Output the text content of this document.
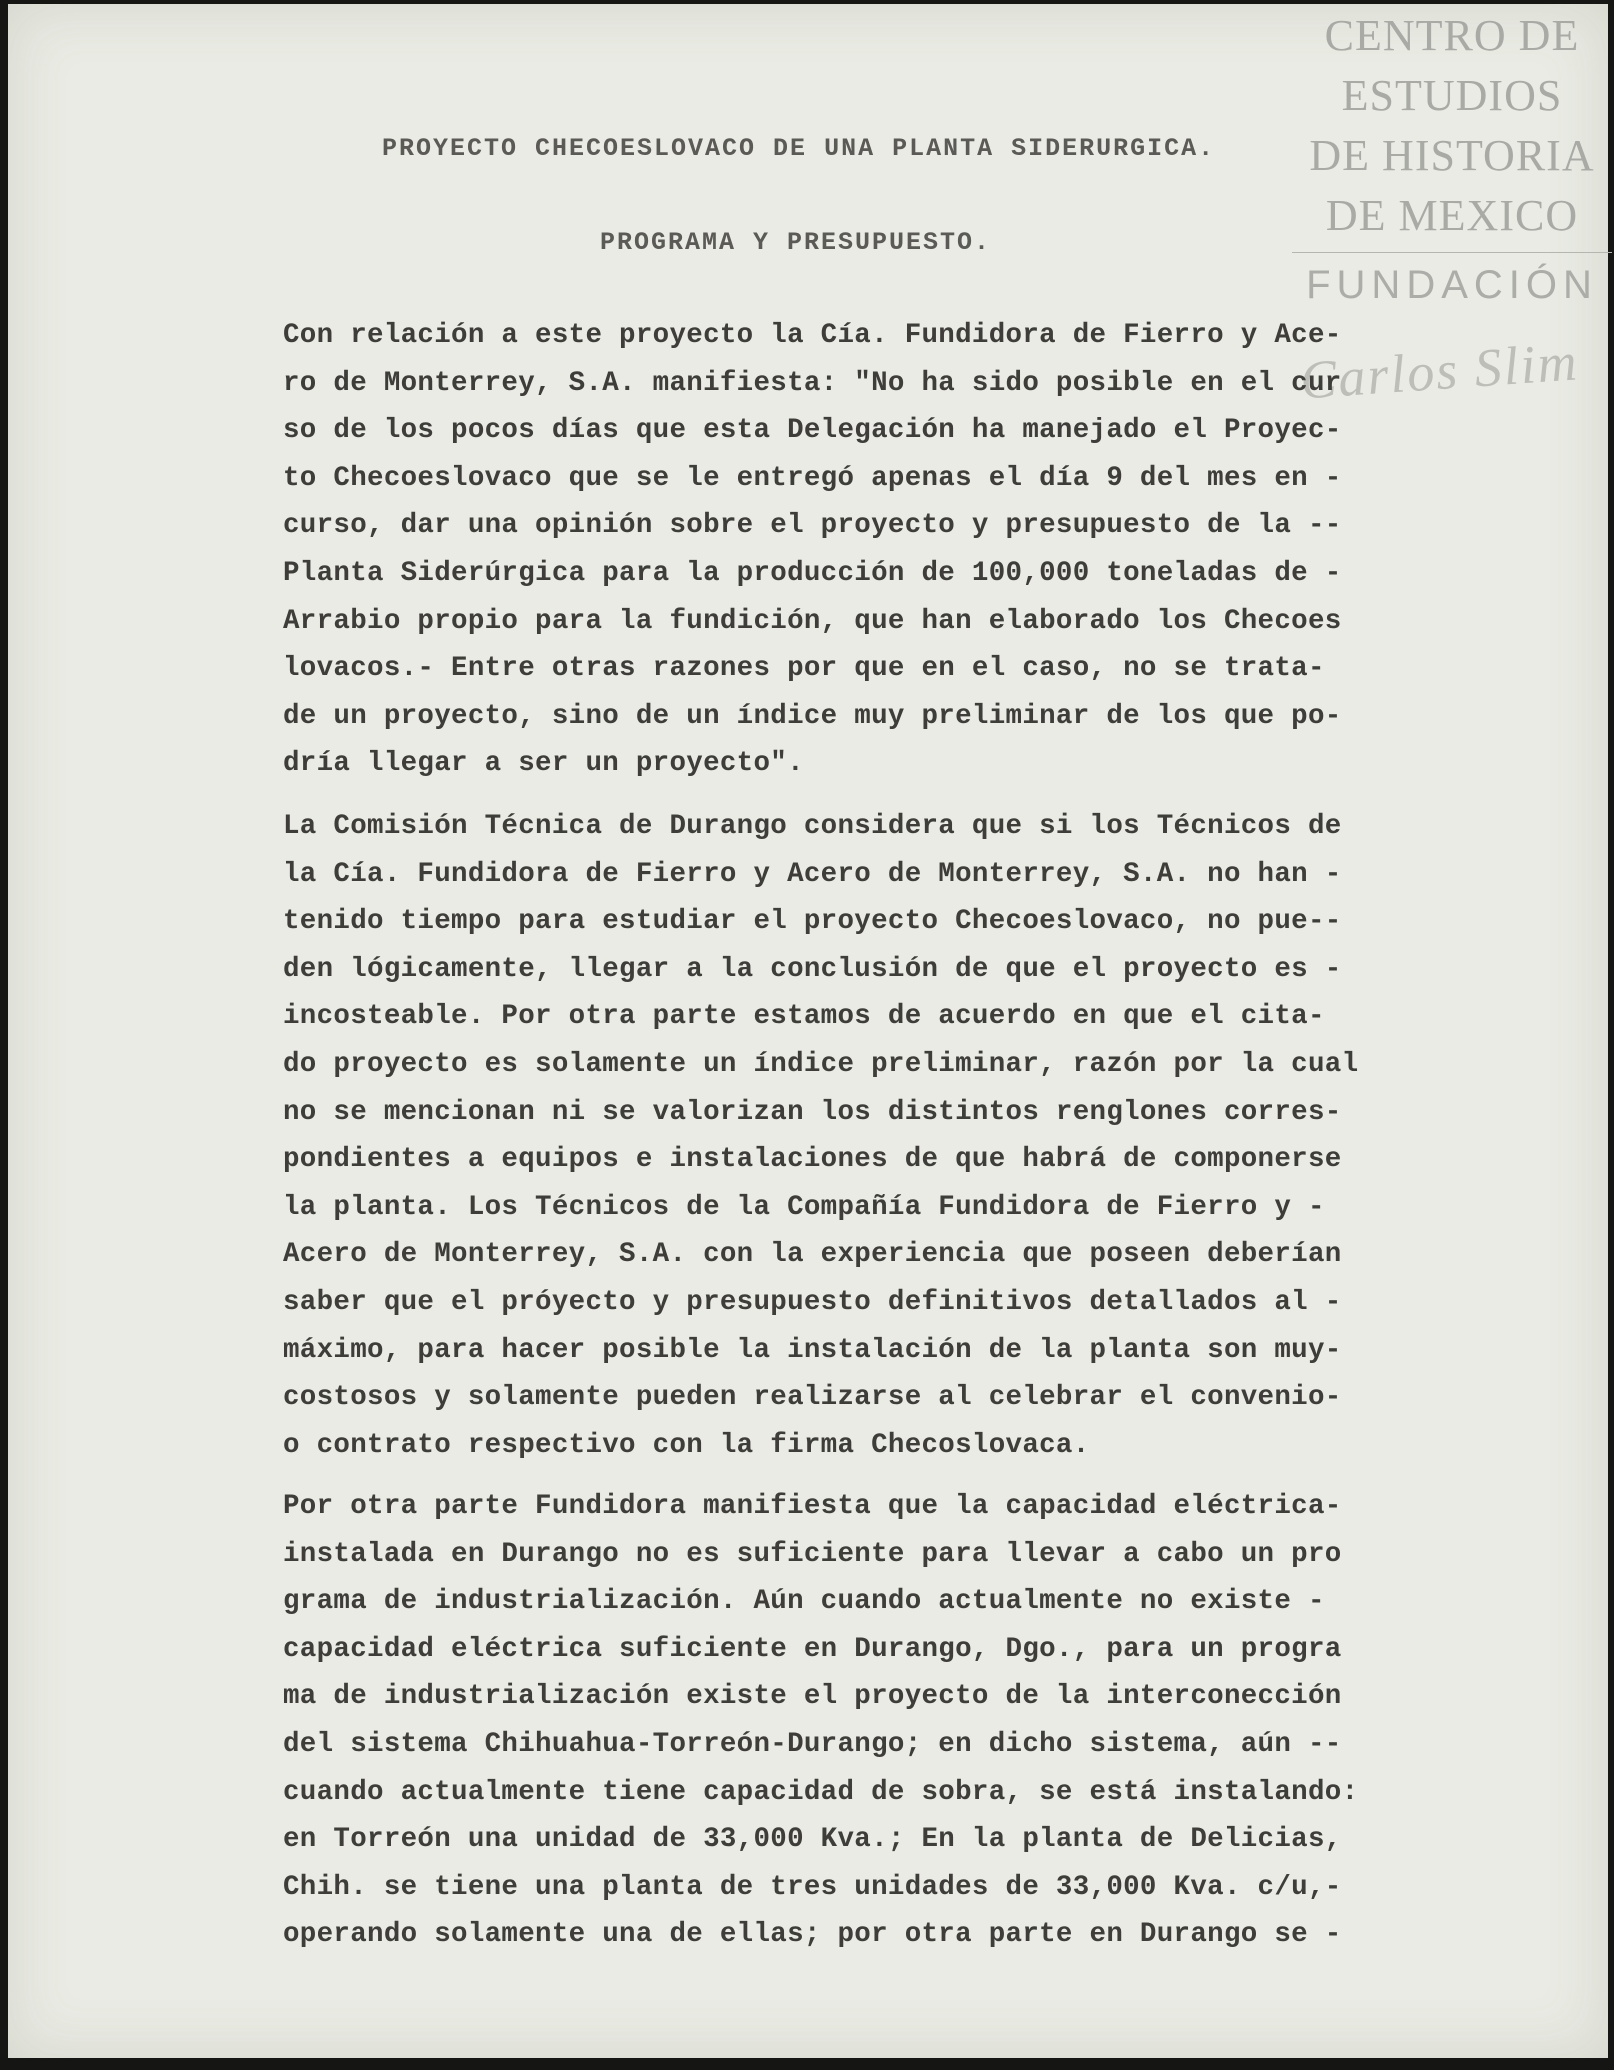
CENTRO DE
ESTUDIOS
DE HISTORIA
DE MEXICO
FUNDACIÓN
Carlos Slim
PROYECTO CHECOESLOVACO DE UNA PLANTA SIDERURGICA.
PROGRAMA Y PRESUPUESTO.
Con relación a este proyecto la Cía. Fundidora de Fierro y Ace-
ro de Monterrey, S.A. manifiesta: "No ha sido posible en el cur
so de los pocos días que esta Delegación ha manejado el Proyec-
to Checoeslovaco que se le entregó apenas el día 9 del mes en -
curso, dar una opinión sobre el proyecto y presupuesto de la --
Planta Siderúrgica para la producción de 100,000 toneladas de -
Arrabio propio para la fundición, que han elaborado los Checoes
lovacos.- Entre otras razones por que en el caso, no se trata-
de un proyecto, sino de un índice muy preliminar de los que po-
dría llegar a ser un proyecto".
La Comisión Técnica de Durango considera que si los Técnicos de
la Cía. Fundidora de Fierro y Acero de Monterrey, S.A. no han -
tenido tiempo para estudiar el proyecto Checoeslovaco, no pue--
den lógicamente, llegar a la conclusión de que el proyecto es -
incosteable. Por otra parte estamos de acuerdo en que el cita-
do proyecto es solamente un índice preliminar, razón por la cual
no se mencionan ni se valorizan los distintos renglones corres-
pondientes a equipos e instalaciones de que habrá de componerse
la planta. Los Técnicos de la Compañía Fundidora de Fierro y -
Acero de Monterrey, S.A. con la experiencia que poseen deberían
saber que el próyecto y presupuesto definitivos detallados al -
máximo, para hacer posible la instalación de la planta son muy-
costosos y solamente pueden realizarse al celebrar el convenio-
o contrato respectivo con la firma Checoslovaca.
Por otra parte Fundidora manifiesta que la capacidad eléctrica-
instalada en Durango no es suficiente para llevar a cabo un pro
grama de industrialización. Aún cuando actualmente no existe -
capacidad eléctrica suficiente en Durango, Dgo., para un progra
ma de industrialización existe el proyecto de la interconección
del sistema Chihuahua-Torreón-Durango; en dicho sistema, aún --
cuando actualmente tiene capacidad de sobra, se está instalando:
en Torreón una unidad de 33,000 Kva.; En la planta de Delicias,
Chih. se tiene una planta de tres unidades de 33,000 Kva. c/u,-
operando solamente una de ellas; por otra parte en Durango se -
